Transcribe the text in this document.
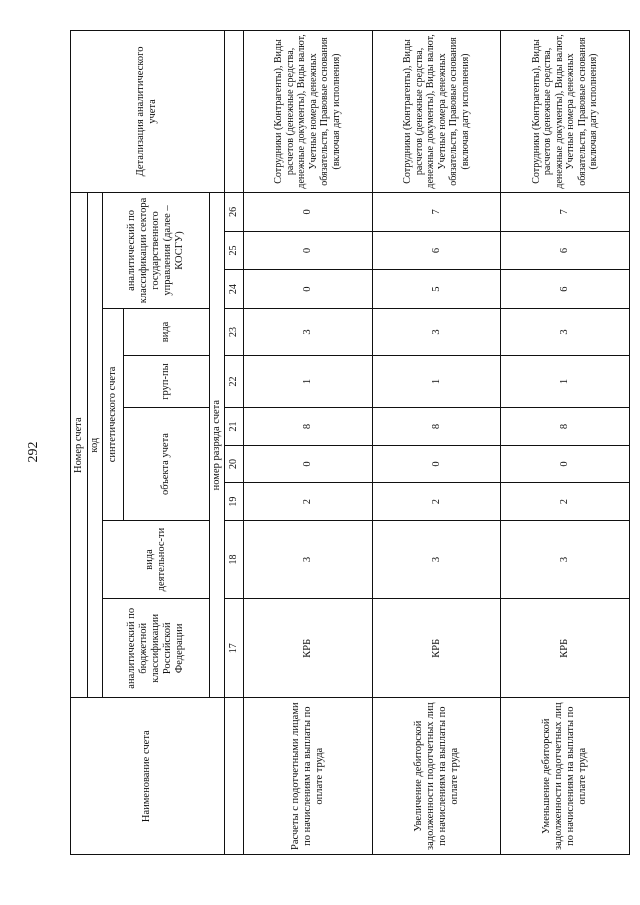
292
Наименование счета	Номер счета										Детализация аналитического учета
	код										
	аналитический по бюджетной классификации Российской Федерации	вида деятельнос-ти	синтетического счета					аналитический по классификации сектора государственного управления (далее – КОСГУ)			
			объекта учета			груп-пы	вида				
	номер разряда счета										
	17	18	19	20	21	22	23	24	25	26	
Расчеты с подотчетными лицами по начислениям на выплаты по оплате труда	КРБ	3	2	0	8	1	3	0	0	0	Сотрудники (Контрагенты), Виды расчетов (денежные средства, денежные документы), Виды валют, Учетные номера денежных обязательств, Правовые основания (включая дату исполнения)
Увеличение дебиторской задолженности подотчетных лиц по начислениям на выплаты по оплате труда	КРБ	3	2	0	8	1	3	5	6	7	Сотрудники (Контрагенты), Виды расчетов (денежные средства, денежные документы), Виды валют, Учетные номера денежных обязательств, Правовые основания (включая дату исполнения)
Уменьшение дебиторской задолженности подотчетных лиц по начислениям на выплаты по оплате труда	КРБ	3	2	0	8	1	3	6	6	7	Сотрудники (Контрагенты), Виды расчетов (денежные средства, денежные документы), Виды валют, Учетные номера денежных обязательств, Правовые основания (включая дату исполнения)
